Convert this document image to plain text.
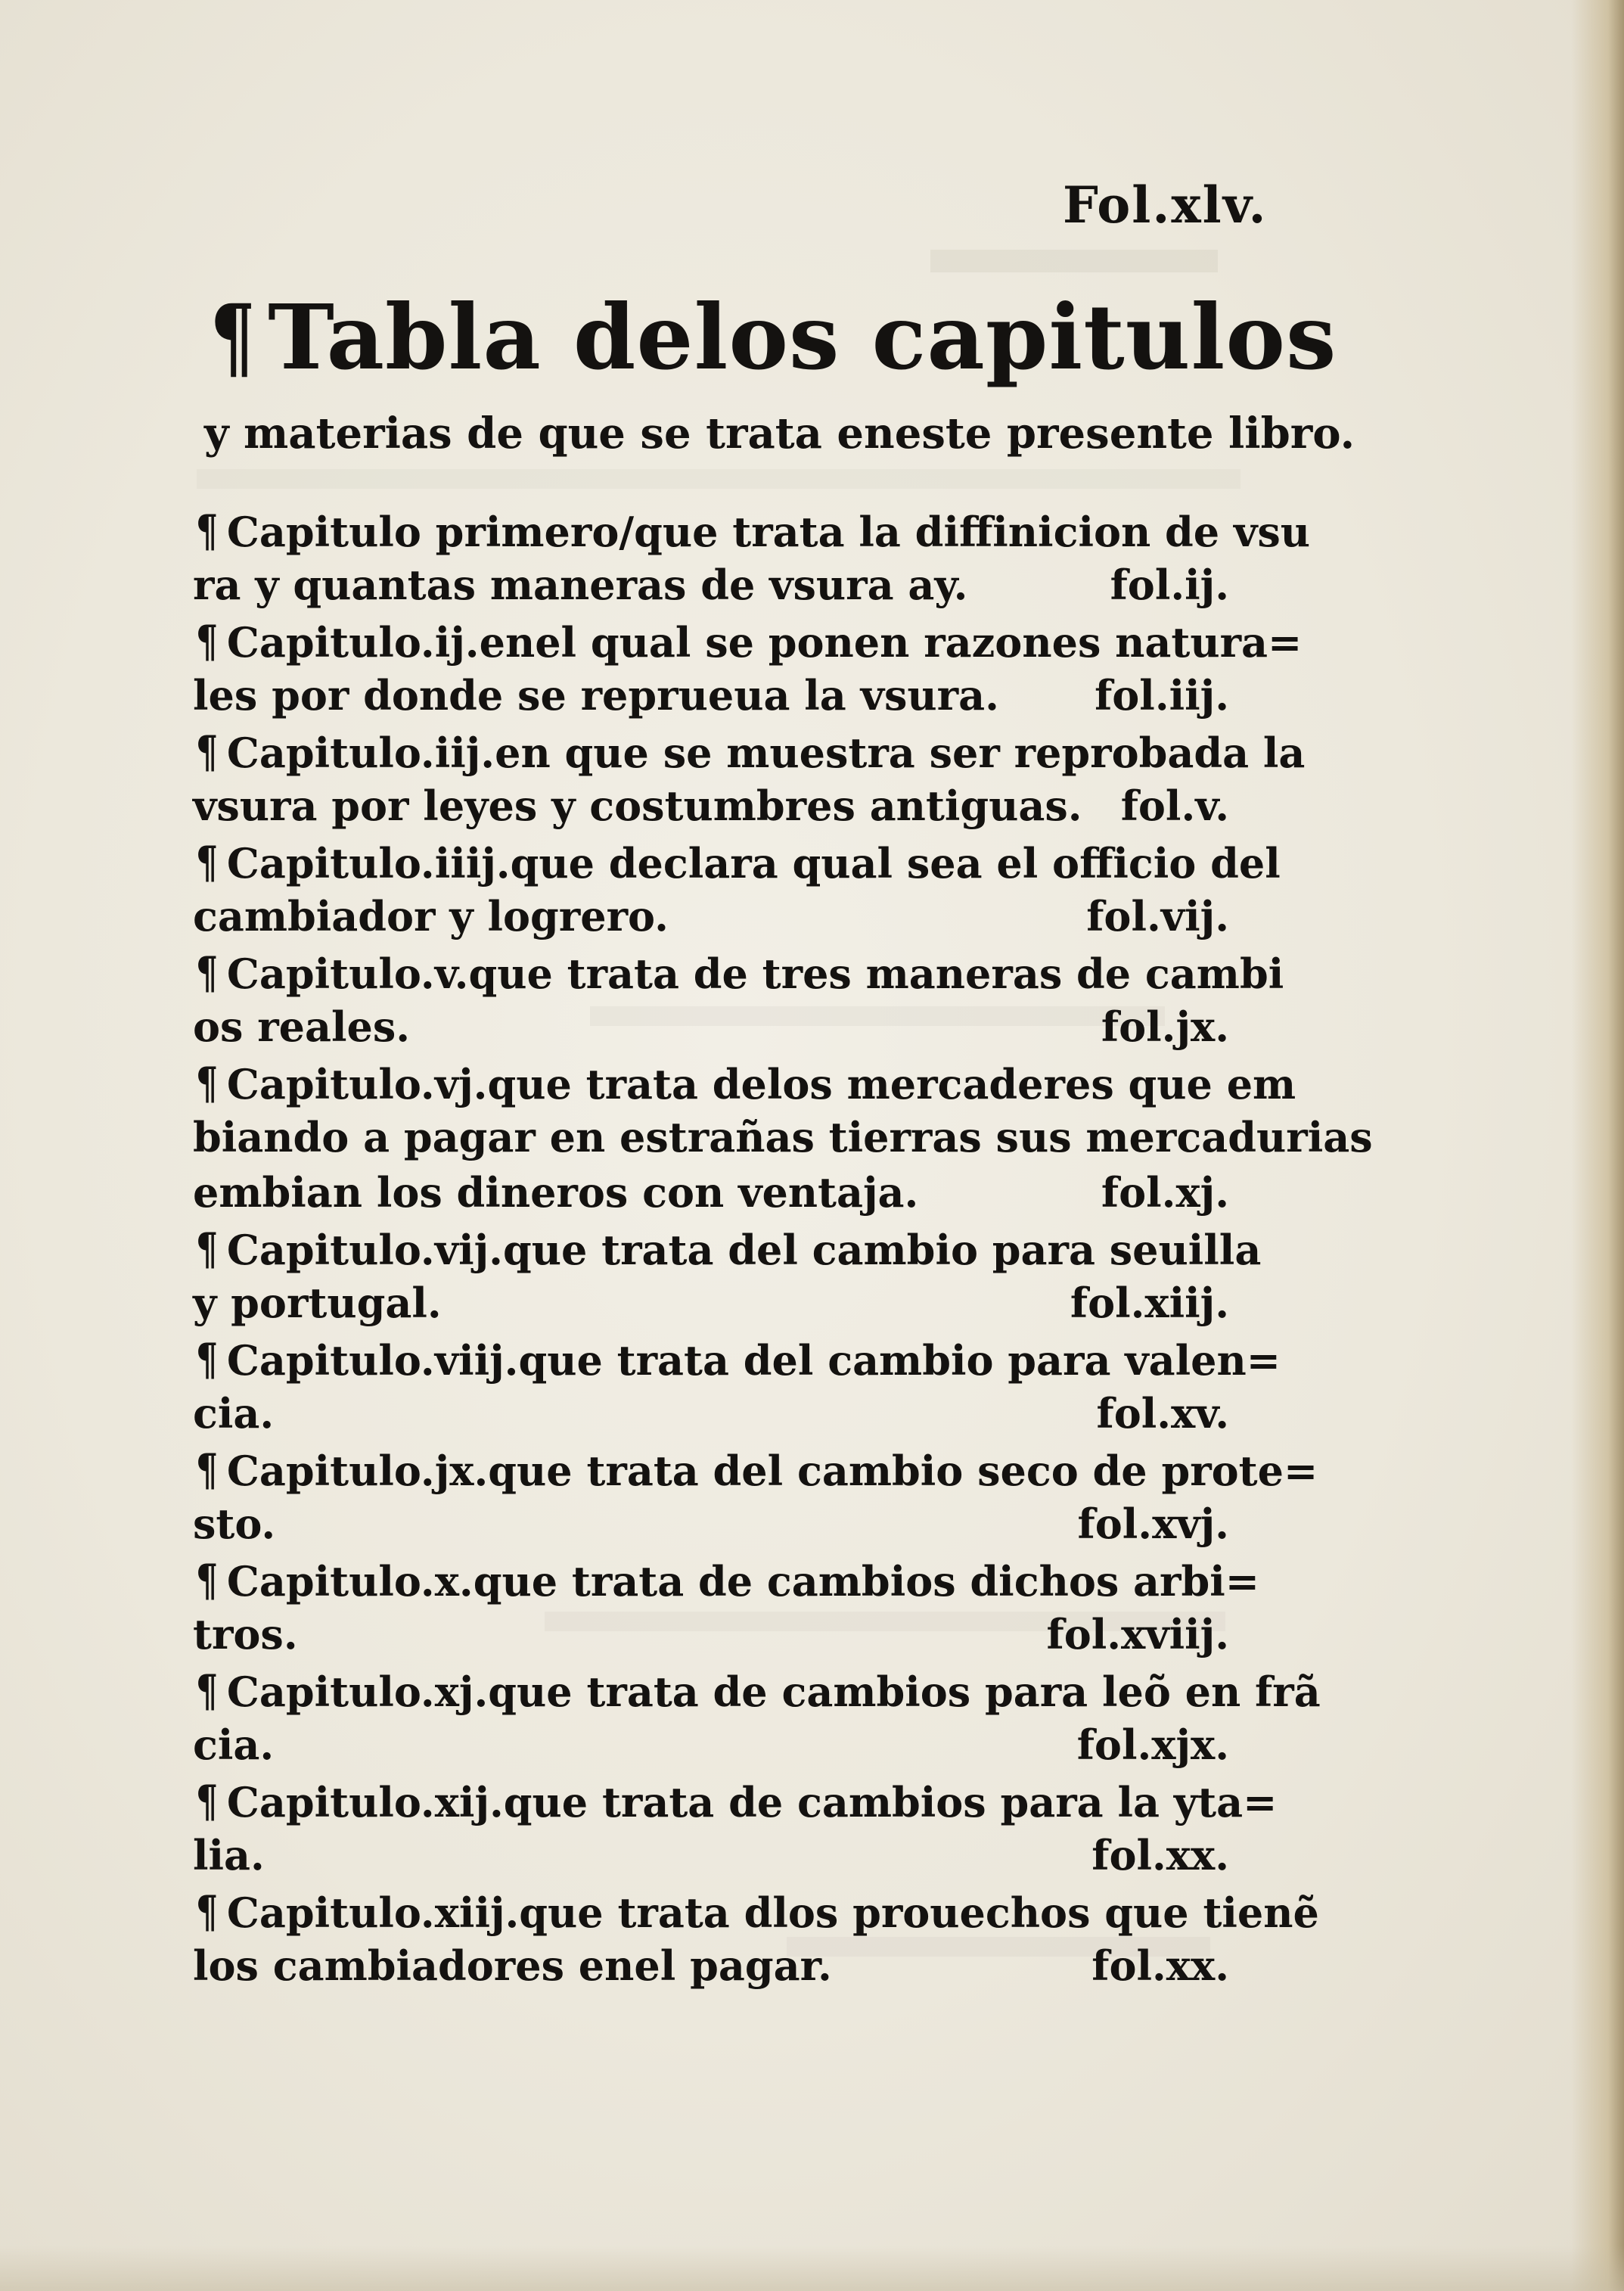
Fol.xlv.
¶ Tabla delos capitulos
y materias de que se trata eneste presente libro.
¶ Capitulo primero/que trata la diffinicion de vsu
ra y quantas maneras de vsura ay.	fol.ij.
¶ Capitulo.ij.enel qual se ponen razones natura=
les por donde se reprueua la vsura. fol.iij.
¶ Capitulo.iij.en que se muestra ser reprobada la
vsura por leyes y costumbres antiguas. fol.v.
¶ Capitulo.iiij.que declara qual sea el officio del
cambiador y logrero.	fol.vij.
¶ Capitulo.v.que trata de tres maneras de cambi
os reales.	fol.jx.
¶ Capitulo.vj.que trata delos mercaderes que em
biando a pagar en estrañas tierras sus mercadurias
embian los dineros con ventaja.	fol.xj.
¶ Capitulo.vij.que trata del cambio para seuilla
y portugal.	fol.xiij.
¶ Capitulo.viij.que trata del cambio para valen=
cia.	fol.xv.
¶ Capitulo.jx.que trata del cambio seco de prote=
sto.	fol.xvj.
¶ Capitulo.x.que trata de cambios dichos arbi=
tros.	fol.xviij.
¶ Capitulo.xj.que trata de cambios para leõ en frã
cia.	fol.xjx.
¶ Capitulo.xij.que trata de cambios para la yta=
lia.	fol.xx.
¶ Capitulo.xiij.que trata dlos prouechos que tienẽ
los cambiadores enel pagar.	fol.xx.
